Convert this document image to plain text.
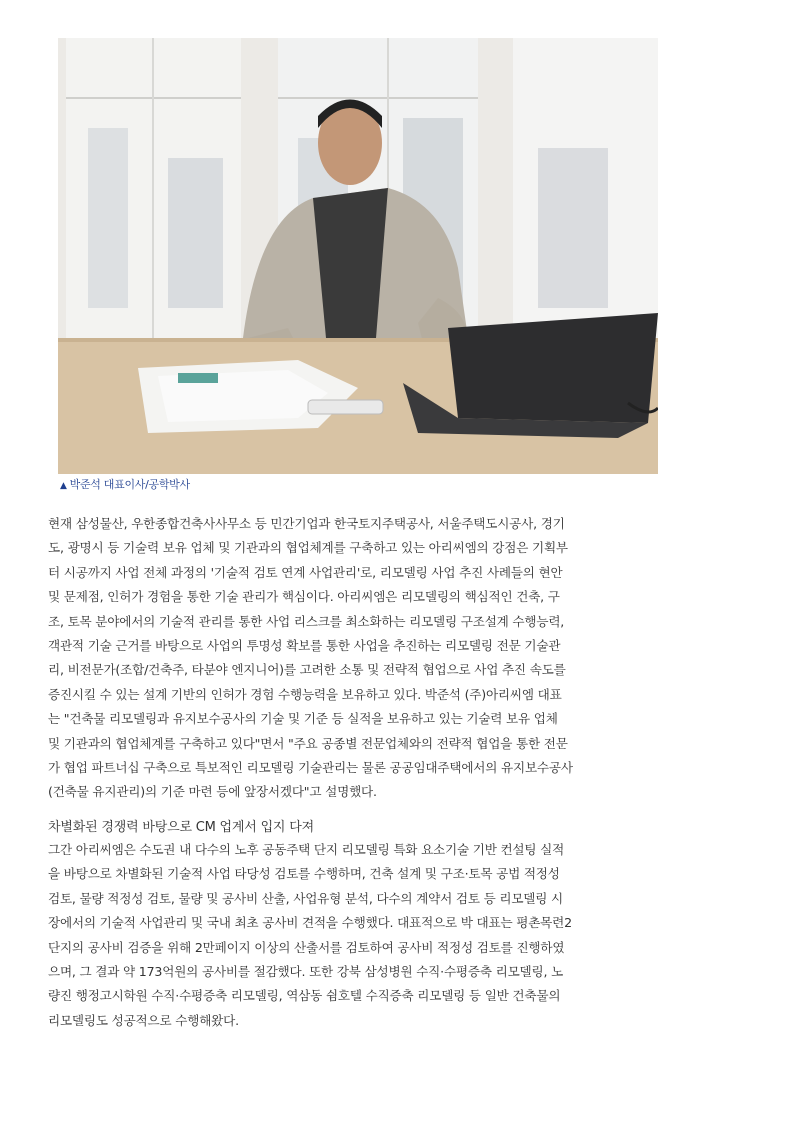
▲ 박준석 대표이사/공학박사
현재 삼성물산, 우한종합건축사사무소 등 민간기업과 한국토지주택공사, 서울주택도시공사, 경기
도, 광명시 등 기술력 보유 업체 및 기관과의 협업체계를 구축하고 있는 아리씨엠의 강점은 기획부
터 시공까지 사업 전체 과정의 '기술적 검토 연계 사업관리'로, 리모델링 사업 추진 사례들의 현안
및 문제점, 인허가 경험을 통한 기술 관리가 핵심이다. 아리씨엠은 리모델링의 핵심적인 건축, 구
조, 토목 분야에서의 기술적 관리를 통한 사업 리스크를 최소화하는 리모델링 구조설계 수행능력,
객관적 기술 근거를 바탕으로 사업의 투명성 확보를 통한 사업을 추진하는 리모델링 전문 기술관
리, 비전문가(조합/건축주, 타분야 엔지니어)를 고려한 소통 및 전략적 협업으로 사업 추진 속도를
증진시킬 수 있는 설계 기반의 인허가 경험 수행능력을 보유하고 있다. 박준석 (주)아리씨엠 대표
는 "건축물 리모델링과 유지보수공사의 기술 및 기준 등 실적을 보유하고 있는 기술력 보유 업체
및 기관과의 협업체계를 구축하고 있다"면서 "주요 공종별 전문업체와의 전략적 협업을 통한 전문
가 협업 파트너십 구축으로 특보적인 리모델링 기술관리는 물론 공공임대주택에서의 유지보수공사
(건축물 유지관리)의 기준 마련 등에 앞장서겠다"고 설명했다.
차별화된 경쟁력 바탕으로 CM 업계서 입지 다져
그간 아리씨엠은 수도권 내 다수의 노후 공동주택 단지 리모델링 특화 요소기술 기반 컨설팅 실적
을 바탕으로 차별화된 기술적 사업 타당성 검토를 수행하며, 건축 설계 및 구조·토목 공법 적정성
검토, 물량 적정성 검토, 물량 및 공사비 산출, 사업유형 분석, 다수의 계약서 검토 등 리모델링 시
장에서의 기술적 사업관리 및 국내 최초 공사비 견적을 수행했다. 대표적으로 박 대표는 평촌목련2
단지의 공사비 검증을 위해 2만페이지 이상의 산출서를 검토하여 공사비 적정성 검토를 진행하였
으며, 그 결과 약 173억원의 공사비를 절감했다. 또한 강북 삼성병원 수직·수평증축 리모델링, 노
량진 행정고시학원 수직·수평증축 리모델링, 역삼동 쉼호텔 수직증축 리모델링 등 일반 건축물의
리모델링도 성공적으로 수행해왔다.
